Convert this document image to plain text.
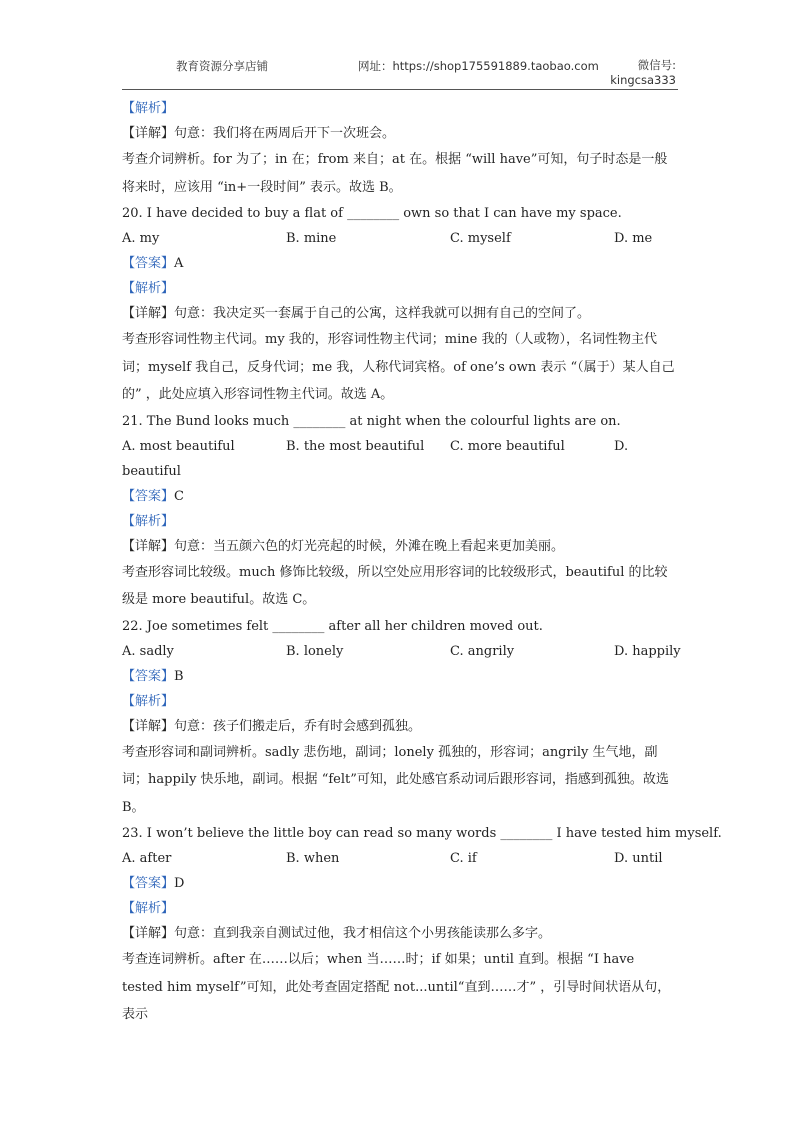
教育资源分享店铺	网址：https://shop175591889.taobao.com	微信号:
kingcsa333
【解析】
【详解】句意：我们将在两周后开下一次班会。

考查介词辨析。for 为了；in 在；from 来自；at 在。根据 “will have”可知，句子时态是一般将来时，应该用 “in+一段时间” 表示。故选 B。

20. I have decided to buy a flat of ________ own so that I can have my space.
A. my	B. mine	C. myself	D. me
【答案】A
【解析】
【详解】句意：我决定买一套属于自己的公寓，这样我就可以拥有自己的空间了。

考查形容词性物主代词。my 我的，形容词性物主代词；mine 我的（人或物），名词性物主代词；myself 我自己，反身代词；me 我，人称代词宾格。of one’s own 表示 “（属于）某人自己的” ，此处应填入形容词性物主代词。故选 A。

21. The Bund looks much ________ at night when the colourful lights are on.
A. most beautiful	B. the most beautiful	C. more beautiful	D.
beautiful
【答案】C
【解析】
【详解】句意：当五颜六色的灯光亮起的时候，外滩在晚上看起来更加美丽。

考查形容词比较级。much 修饰比较级，所以空处应用形容词的比较级形式，beautiful 的比较级是 more beautiful。故选 C。

22. Joe sometimes felt ________ after all her children moved out.
A. sadly	B. lonely	C. angrily	D. happily
【答案】B
【解析】
【详解】句意：孩子们搬走后，乔有时会感到孤独。

考查形容词和副词辨析。sadly 悲伤地，副词；lonely 孤独的，形容词；angrily 生气地，副词；happily 快乐地，副词。根据 “felt”可知，此处感官系动词后跟形容词，指感到孤独。故选 B。

23. I won’t believe the little boy can read so many words ________ I have tested him myself.
A. after	B. when	C. if	D. until
【答案】D
【解析】
【详解】句意：直到我亲自测试过他，我才相信这个小男孩能读那么多字。

考查连词辨析。after 在……以后；when 当……时；if 如果；until 直到。根据 “I have tested him myself”可知，此处考查固定搭配 not...until“直到……才” ，引导时间状语从句，表示
